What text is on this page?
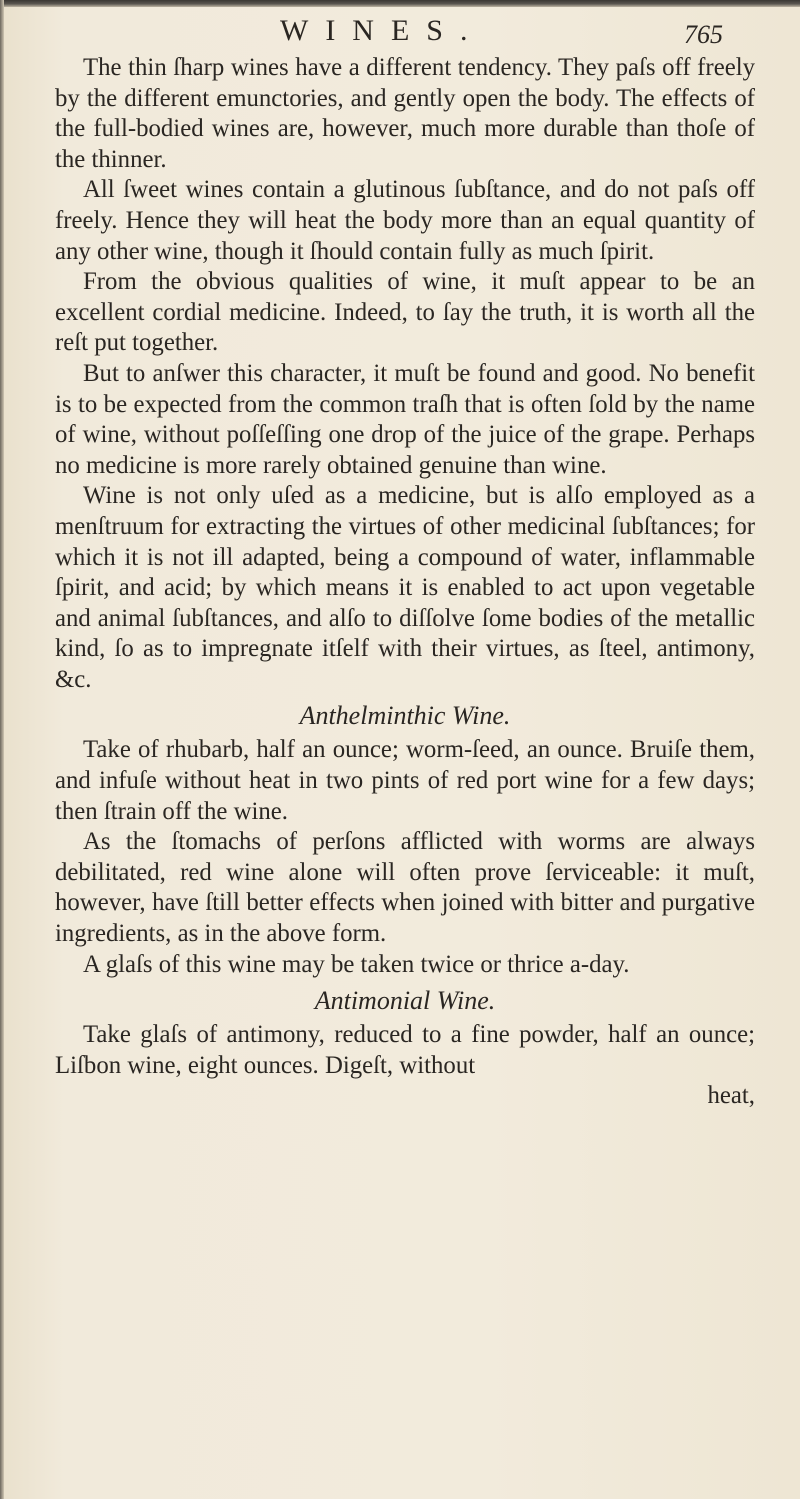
WINES.	765

The thin ſharp wines have a different tendency. They paſs off freely by the different emunctories, and gently open the body. The effects of the full-bodied wines are, however, much more durable than thoſe of the thinner.

All ſweet wines contain a glutinous ſubſtance, and do not paſs off freely. Hence they will heat the body more than an equal quantity of any other wine, though it ſhould contain fully as much ſpirit.

From the obvious qualities of wine, it muſt appear to be an excellent cordial medicine. Indeed, to ſay the truth, it is worth all the reſt put together.

But to anſwer this character, it muſt be found and good. No benefit is to be expected from the common traſh that is often ſold by the name of wine, without poſſeſſing one drop of the juice of the grape. Perhaps no medicine is more rarely obtained genuine than wine.

Wine is not only uſed as a medicine, but is alſo employed as a menſtruum for extracting the virtues of other medicinal ſubſtances; for which it is not ill adapted, being a compound of water, inflammable ſpirit, and acid; by which means it is enabled to act upon vegetable and animal ſubſtances, and alſo to diſſolve ſome bodies of the metallic kind, ſo as to impregnate itſelf with their virtues, as ſteel, antimony, &c.

Anthelminthic Wine.

Take of rhubarb, half an ounce; worm-ſeed, an ounce. Bruiſe them, and infuſe without heat in two pints of red port wine for a few days; then ſtrain off the wine.

As the ſtomachs of perſons afflicted with worms are always debilitated, red wine alone will often prove ſerviceable: it muſt, however, have ſtill better effects when joined with bitter and purgative ingredients, as in the above form.

A glaſs of this wine may be taken twice or thrice a-day.

Antimonial Wine.

Take glaſs of antimony, reduced to a fine powder, half an ounce; Liſbon wine, eight ounces. Digeſt, without

heat,
